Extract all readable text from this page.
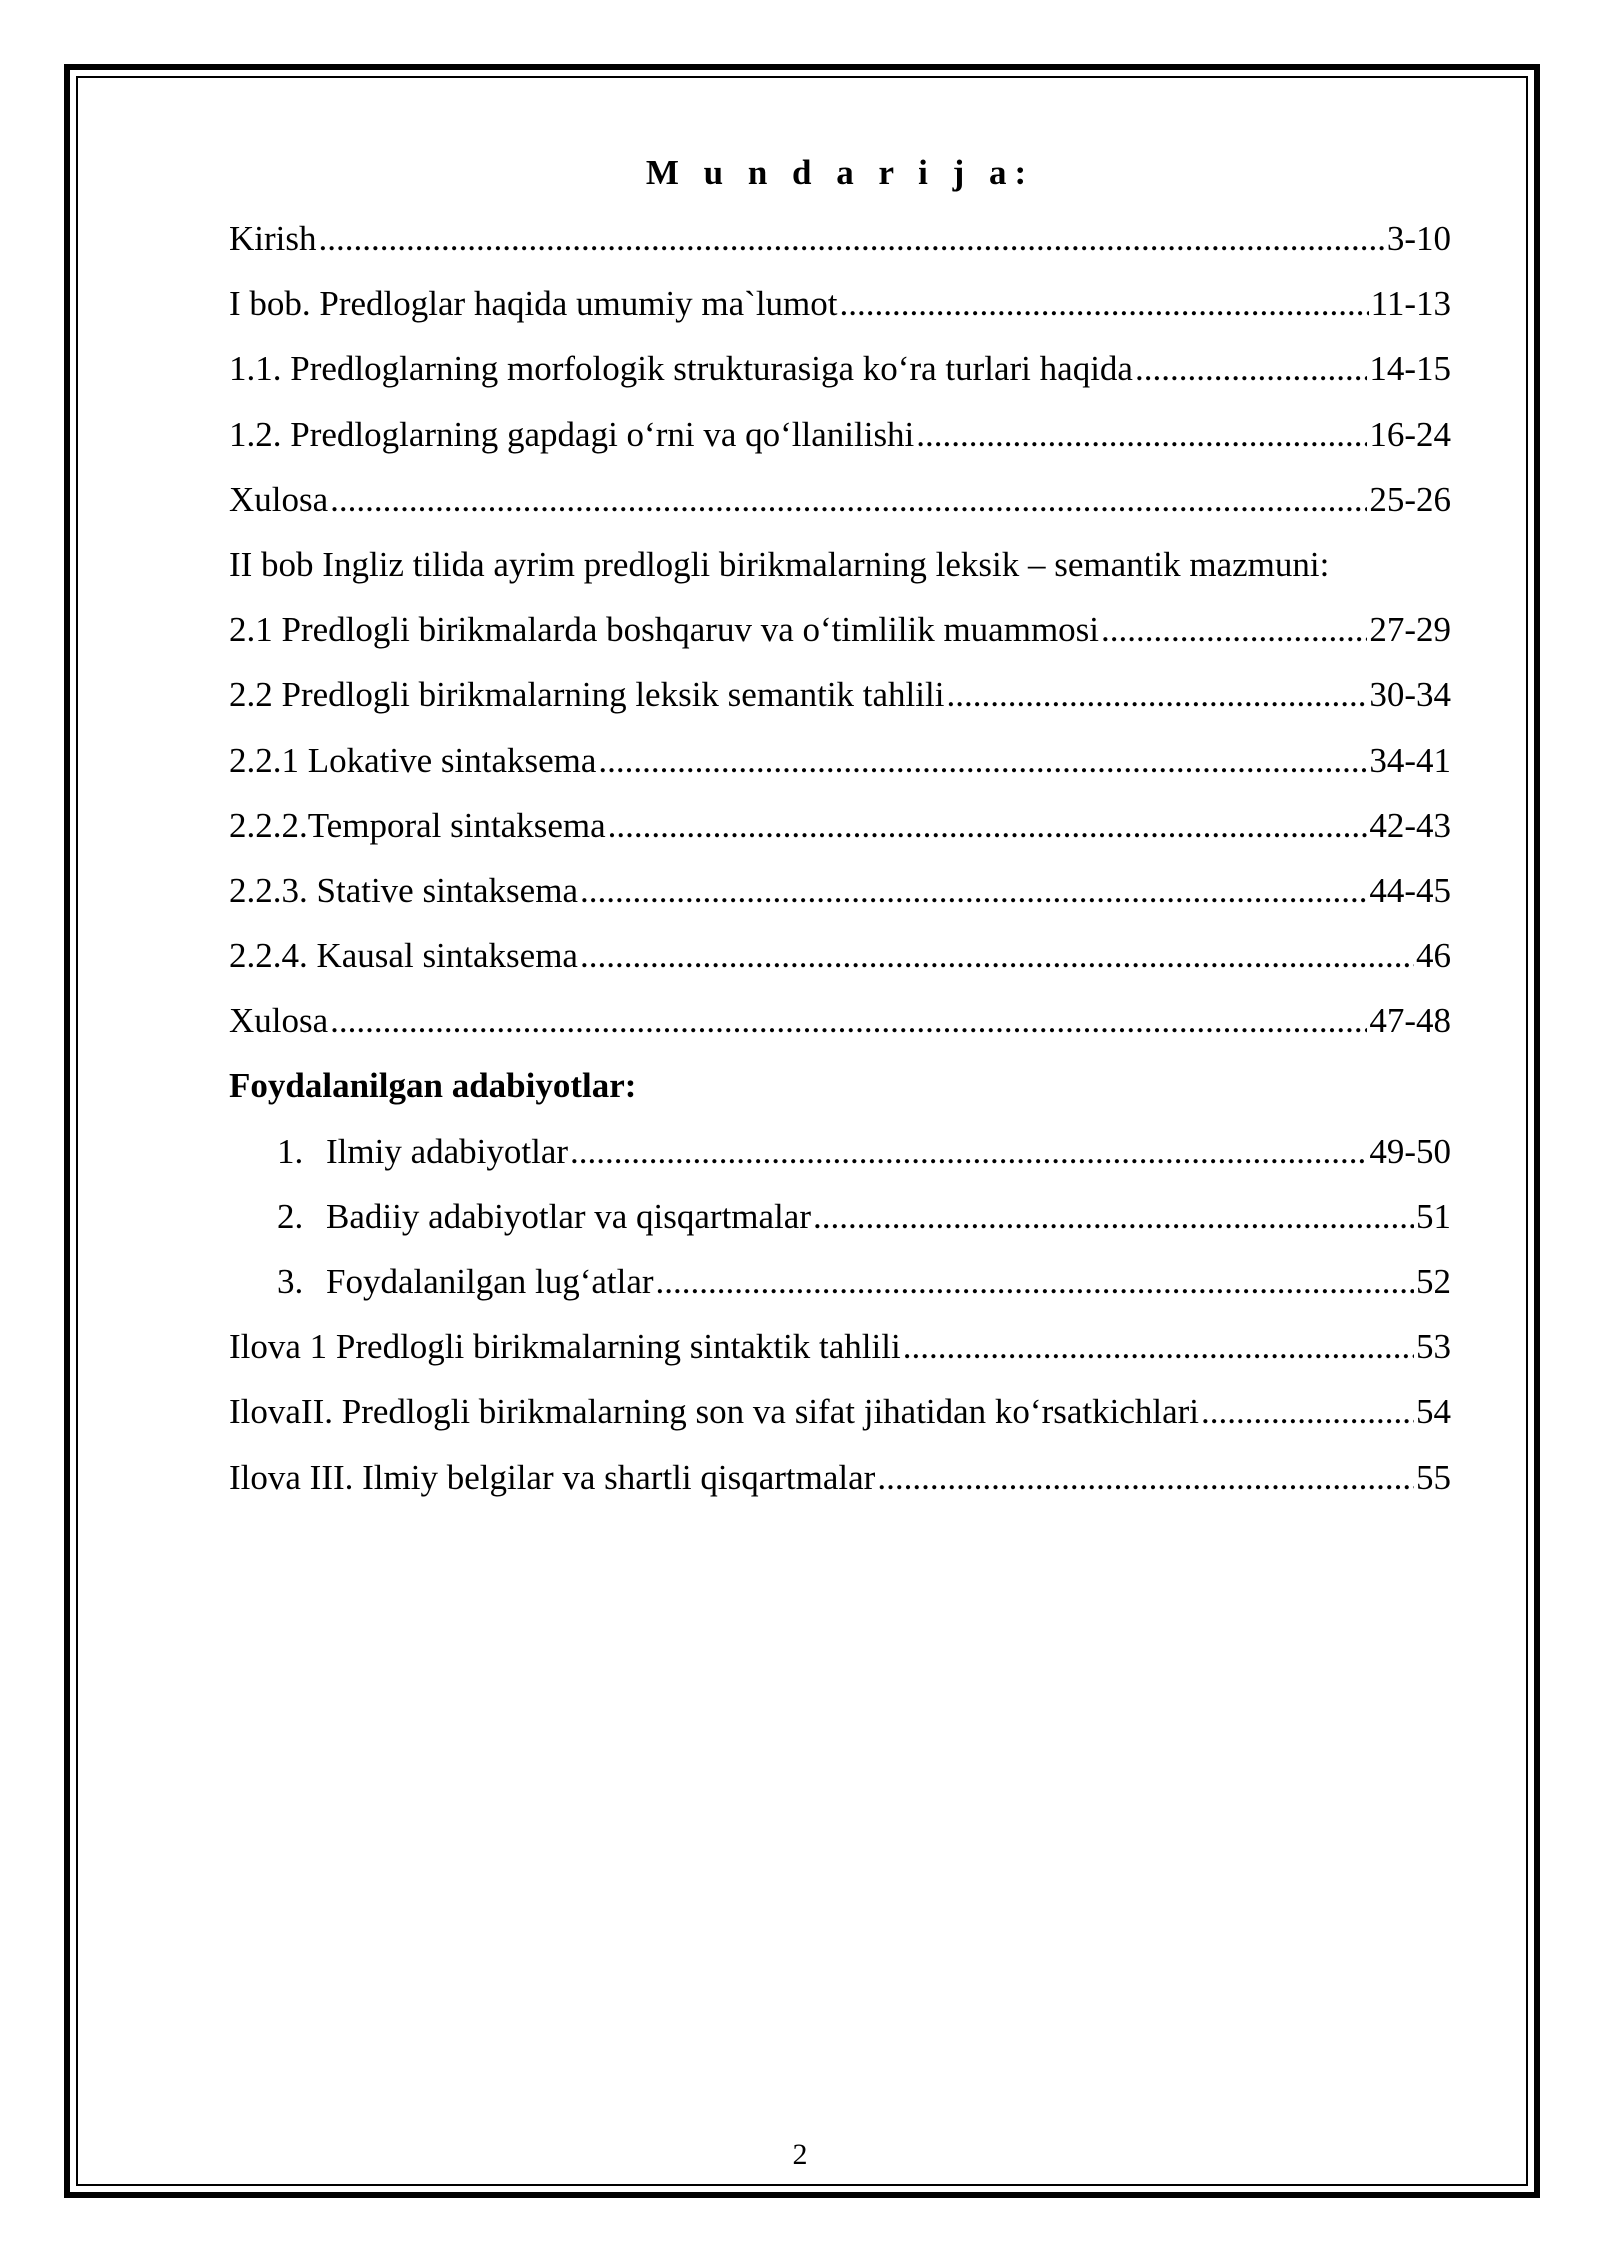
M u n d a r i j a:
Kirish .....	3-10
I bob. Predloglar haqida umumiy ma`lumot .....	11-13
1.1. Predloglarning morfologik strukturasiga ko‘ra turlari haqida .....	14-15
1.2. Predloglarning gapdagi o‘rni va qo‘llanilishi .....	16-24
Xulosa .....	25-26
II bob Ingliz tilida ayrim predlogli birikmalarning leksik – semantik mazmuni:
2.1 Predlogli birikmalarda boshqaruv va o‘timlilik muammosi .....	27-29
2.2 Predlogli birikmalarning leksik semantik tahlili .....	30-34
2.2.1 Lokative sintaksema .....	34-41
2.2.2.Temporal sintaksema .....	42-43
2.2.3. Stative sintaksema .....	44-45
2.2.4. Kausal sintaksema .....	46
Xulosa .....	47-48
Foydalanilgan adabiyotlar:
1. Ilmiy adabiyotlar .....	49-50
2. Badiiy adabiyotlar va qisqartmalar .....	51
3. Foydalanilgan lug‘atlar .....	52
Ilova 1 Predlogli birikmalarning sintaktik tahlili .....	53
IlovaII. Predlogli birikmalarning son va sifat jihatidan ko‘rsatkichlari .....	54
Ilova III. Ilmiy belgilar va shartli qisqartmalar .....	55
2
